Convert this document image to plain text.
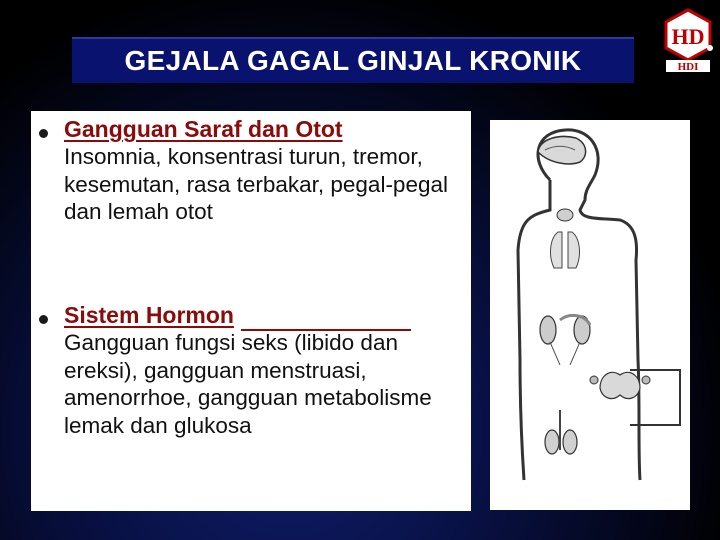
GEJALA GAGAL GINJAL KRONIK
HD
HDI
Gangguan Saraf dan Otot
Insomnia, konsentrasi turun, tremor, kesemutan, rasa terbakar, pegal-pegal dan lemah otot
Sistem Hormon
Gangguan fungsi seks (libido dan ereksi), gangguan menstruasi, amenorrhoe, gangguan metabolisme lemak dan glukosa
10
